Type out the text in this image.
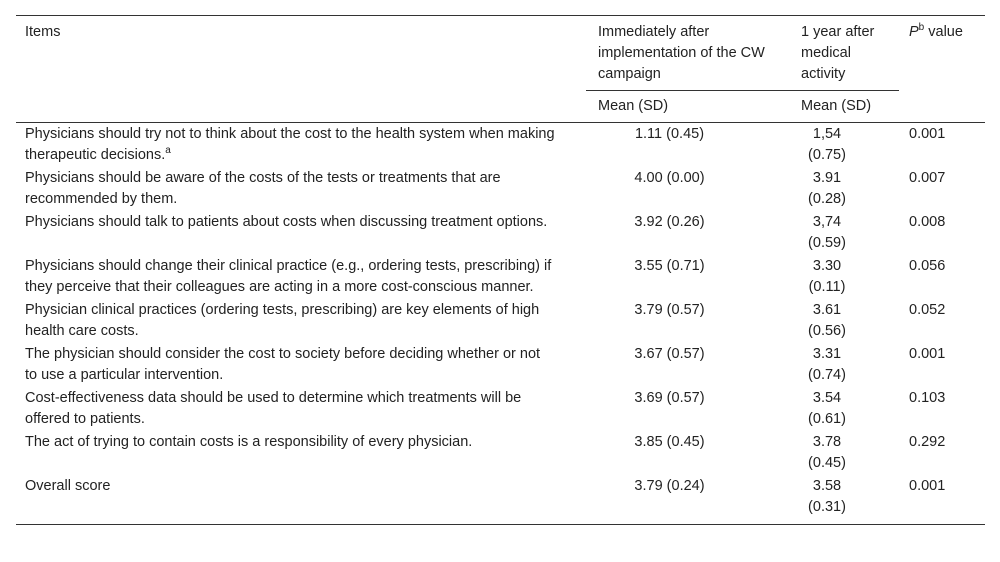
Items	Immediately after implementation of the CW campaign	1 year after medical activity	$P^b$ value
	Mean (SD)	Mean (SD)	
Physicians should try not to think about the cost to the health system when making therapeutic decisions.$^a$	1.11 (0.45)	1,54 (0.75)	0.001
Physicians should be aware of the costs of the tests or treatments that are recommended by them.	4.00 (0.00)	3.91 (0.28)	0.007
Physicians should talk to patients about costs when discussing treatment options.	3.92 (0.26)	3,74 (0.59)	0.008
Physicians should change their clinical practice (e.g., ordering tests, prescribing) if they perceive that their colleagues are acting in a more cost-conscious manner.	3.55 (0.71)	3.30 (0.11)	0.056
Physician clinical practices (ordering tests, prescribing) are key elements of high health care costs.	3.79 (0.57)	3.61 (0.56)	0.052
The physician should consider the cost to society before deciding whether or not to use a particular intervention.	3.67 (0.57)	3.31 (0.74)	0.001
Cost-effectiveness data should be used to determine which treatments will be offered to patients.	3.69 (0.57)	3.54 (0.61)	0.103
The act of trying to contain costs is a responsibility of every physician.	3.85 (0.45)	3.78 (0.45)	0.292
Overall score	3.79 (0.24)	3.58 (0.31)	0.001
